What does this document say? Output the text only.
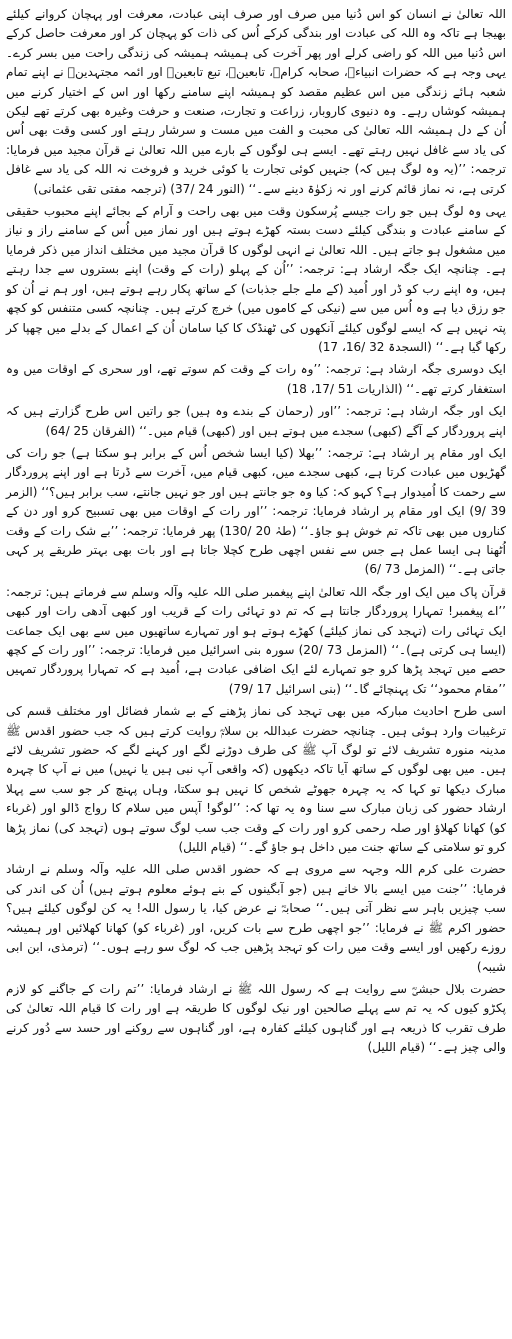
اللہ تعالیٰ نے انسان کو اس دُنیا میں صرف اور صرف اپنی عبادت، معرفت اور پہچان کروانے کیلئے بھیجا ہے تاکہ وہ اللہ کی عبادت اور بندگی کرکے اُس کی ذات کو پہچان کر اور معرفت حاصل کرکے اس دُنیا میں اللہ کو راضی کرلے اور پھر آخرت کی ہمیشہ ہمیشہ کی زندگی راحت میں بسر کرے۔ یہی وجہ ہے کہ حضرات انبیاءؑ، صحابہ کرامؓ، تابعینؒ، تبع تابعینؒ اور ائمہ مجتہدینؒ نے اپنے تمام شعبہ ہائے زندگی میں اس عظیم مقصد کو ہمیشہ اپنے سامنے رکھا اور اس کے اختیار کرنے میں ہمیشہ کوشاں رہے۔ وہ دنیوی کاروبار، زراعت و تجارت، صنعت و حرفت وغیرہ بھی کرتے تھے لیکن اُن کے دل ہمیشہ اللہ تعالیٰ کی محبت و الفت میں مست و سرشار رہتے اور کسی وقت بھی اُس کی یاد سے غافل نہیں رہتے تھے۔ ایسے ہی لوگوں کے بارے میں اللہ تعالیٰ نے قرآن مجید میں فرمایا: ترجمہ: ’’(یہ وہ لوگ ہیں کہ) جنہیں کوئی تجارت یا کوئی خرید و فروخت نہ اللہ کی یاد سے غافل کرتی ہے، نہ نماز قائم کرنے اور نہ زکوٰۃ دینے سے۔‘‘ (النور 24 /37) (ترجمہ مفتی تقی عثمانی)

یہی وہ لوگ ہیں جو رات جیسے پُرسکون وقت میں بھی راحت و آرام کے بجائے اپنے محبوب حقیقی کے سامنے عبادت و بندگی کیلئے دست بستہ کھڑے ہوتے ہیں اور نماز میں اُس کے سامنے راز و نیاز میں مشغول ہو جاتے ہیں۔ اللہ تعالیٰ نے انہی لوگوں کا قرآن مجید میں مختلف انداز میں ذکر فرمایا ہے۔ چنانچہ ایک جگہ ارشاد ہے: ترجمہ: ’’اُن کے پہلو (رات کے وقت) اپنے بستروں سے جدا رہتے ہیں، وہ اپنے رب کو ڈر اور اُمید (کے ملے جلے جذبات) کے ساتھ پکار رہے ہوتے ہیں، اور ہم نے اُن کو جو رزق دیا ہے وہ اُس میں سے (نیکی کے کاموں میں) خرچ کرتے ہیں۔ چنانچہ کسی متنفس کو کچھ پتہ نہیں ہے کہ ایسے لوگوں کیلئے آنکھوں کی ٹھنڈک کا کیا سامان اُن کے اعمال کے بدلے میں چھپا کر رکھا گیا ہے۔‘‘ (السجدۃ 32 /16، 17)

ایک دوسری جگہ ارشاد ہے: ترجمہ: ’’وہ رات کے وقت کم سوتے تھے، اور سحری کے اوقات میں وہ استغفار کرتے تھے۔‘‘ (الذاریات 51 /17، 18)

ایک اور جگہ ارشاد ہے: ترجمہ: ’’اور (رحمان کے بندے وہ ہیں) جو راتیں اس طرح گزارتے ہیں کہ اپنے پروردگار کے آگے (کبھی) سجدے میں ہوتے ہیں اور (کبھی) قیام میں۔‘‘ (الفرقان 25 /64)

ایک اور مقام پر ارشاد ہے: ترجمہ: ’’بھلا (کیا ایسا شخص اُس کے برابر ہو سکتا ہے) جو رات کی گھڑیوں میں عبادت کرتا ہے، کبھی سجدے میں، کبھی قیام میں، آخرت سے ڈرتا ہے اور اپنے پروردگار سے رحمت کا اُمیدوار ہے؟ کہو کہ: کیا وہ جو جانتے ہیں اور جو نہیں جانتے، سب برابر ہیں؟‘‘ (الزمر 39 /9) ایک اور مقام پر ارشاد فرمایا: ترجمہ: ’’اور رات کے اوقات میں بھی تسبیح کرو اور دن کے کناروں میں بھی تاکہ تم خوش ہو جاؤ۔‘‘ (طہٰ 20 /130) پھر فرمایا: ترجمہ: ’’بے شک رات کے وقت اُٹھنا ہی ایسا عمل ہے جس سے نفس اچھی طرح کچلا جاتا ہے اور بات بھی بہتر طریقے پر کہی جاتی ہے۔‘‘ (المزمل 73 /6)

قرآن پاک میں ایک اور جگہ اللہ تعالیٰ اپنے پیغمبر صلی اللہ علیہ وآلہ وسلم سے فرماتے ہیں: ترجمہ: ’’اے پیغمبر! تمہارا پروردگار جانتا ہے کہ تم دو تہائی رات کے قریب اور کبھی آدھی رات اور کبھی ایک تہائی رات (تہجد کی نماز کیلئے) کھڑے ہوتے ہو اور تمہارے ساتھیوں میں سے بھی ایک جماعت (ایسا ہی کرتی ہے)۔‘‘ (المزمل 73 /20) سورہ بنی اسرائیل میں فرمایا: ترجمہ: ’’اور رات کے کچھ حصے میں تہجد پڑھا کرو جو تمہارے لئے ایک اضافی عبادت ہے، اُمید ہے کہ تمہارا پروردگار تمہیں ’’مقام محمود‘‘ تک پہنچائے گا۔‘‘ (بنی اسرائیل 17 /79)

اسی طرح احادیث مبارکہ میں بھی تہجد کی نماز پڑھنے کے بے شمار فضائل اور مختلف قسم کی ترغیبات وارد ہوئی ہیں۔ چنانچہ حضرت عبداللہ بن سلامؓ روایت کرتے ہیں کہ جب حضور اقدس ﷺ مدینہ منورہ تشریف لائے تو لوگ آپ ﷺ کی طرف دوڑنے لگے اور کہنے لگے کہ حضور تشریف لائے ہیں۔ میں بھی لوگوں کے ساتھ آیا تاکہ دیکھوں (کہ واقعی آپ نبی ہیں یا نہیں) میں نے آپ کا چہرہ مبارک دیکھا تو کہا کہ یہ چہرہ جھوٹے شخص کا نہیں ہو سکتا، وہاں پہنچ کر جو سب سے پہلا ارشاد حضور کی زبان مبارک سے سنا وہ یہ تھا کہ: ’’لوگو! آپس میں سلام کا رواج ڈالو اور (غرباء کو) کھانا کھلاؤ اور صلہ رحمی کرو اور رات کے وقت جب سب لوگ سوتے ہوں (تہجد کی) نماز پڑھا کرو تو سلامتی کے ساتھ جنت میں داخل ہو جاؤ گے۔‘‘ (قیام اللیل)

حضرت علی کرم اللہ وجہہ سے مروی ہے کہ حضور اقدس صلی اللہ علیہ وآلہ وسلم نے ارشاد فرمایا: ’’جنت میں ایسے بالا خانے ہیں (جو آبگینوں کے بنے ہوئے معلوم ہوتے ہیں) اُن کی اندر کی سب چیزیں باہر سے نظر آتی ہیں۔‘‘ صحابہؓ نے عرض کیا، یا رسول اللہ! یہ کن لوگوں کیلئے ہیں؟ حضور اکرم ﷺ نے فرمایا: ’’جو اچھی طرح سے بات کریں، اور (غرباء کو) کھانا کھلائیں اور ہمیشہ روزے رکھیں اور ایسے وقت میں رات کو تہجد پڑھیں جب کہ لوگ سو رہے ہوں۔‘‘ (ترمذی، ابن ابی شیبہ)

حضرت بلال حبشیؓ سے روایت ہے کہ رسول اللہ ﷺ نے ارشاد فرمایا: ’’تم رات کے جاگنے کو لازم پکڑو کیوں کہ یہ تم سے پہلے صالحین اور نیک لوگوں کا طریقہ ہے اور رات کا قیام اللہ تعالیٰ کی طرف تقرب کا ذریعہ ہے اور گناہوں کیلئے کفارہ ہے، اور گناہوں سے روکنے اور حسد سے دُور کرنے والی چیز ہے۔‘‘ (قیام اللیل)
